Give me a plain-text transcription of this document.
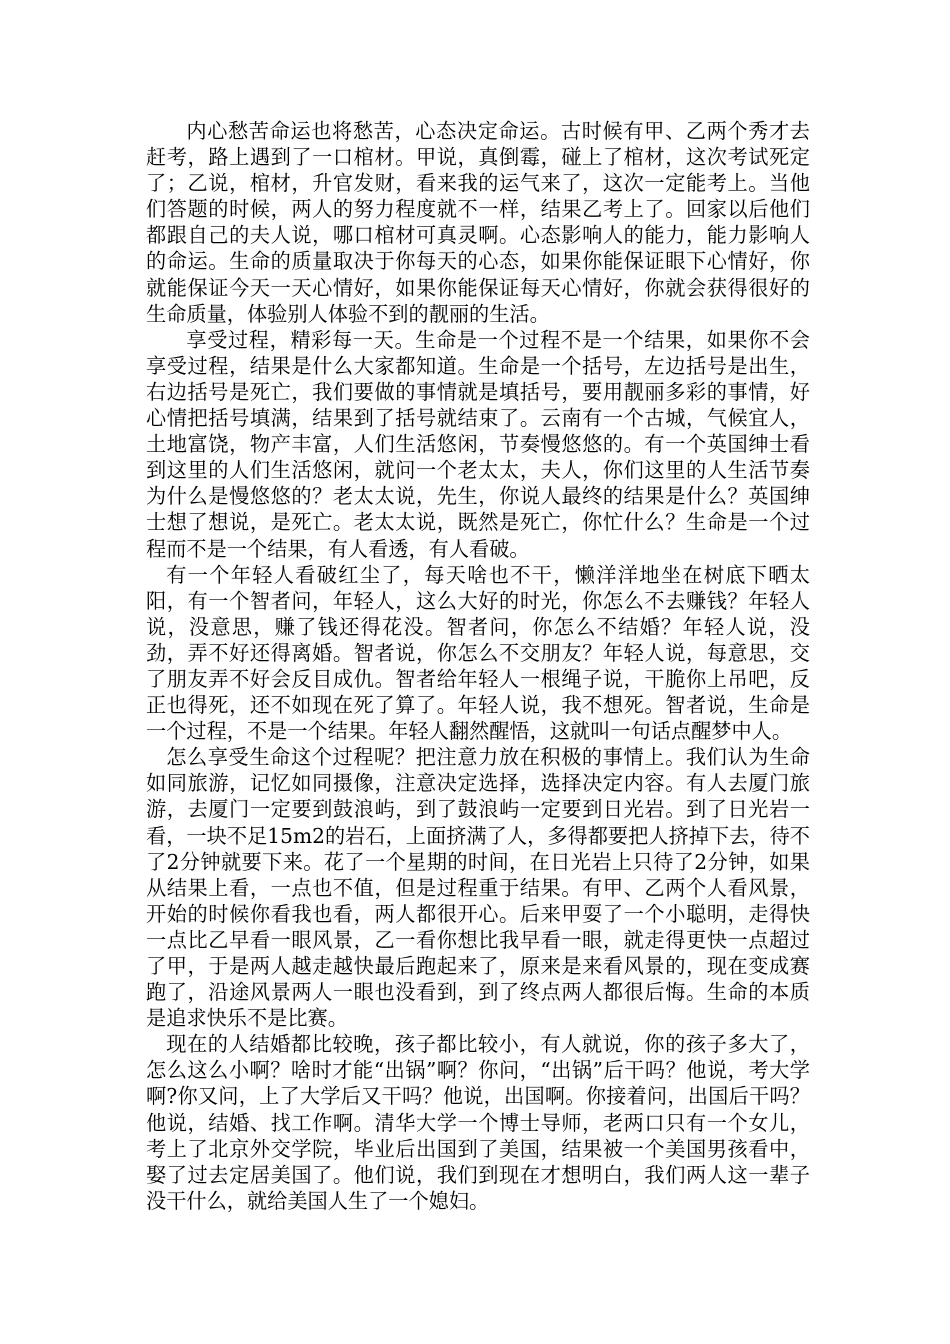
内心愁苦命运也将愁苦，心态决定命运。古时候有甲、乙两个秀才去赶考，路上遇到了一口棺材。甲说，真倒霉，碰上了棺材，这次考试死定了；乙说，棺材，升官发财，看来我的运气来了，这次一定能考上。当他们答题的时候，两人的努力程度就不一样，结果乙考上了。回家以后他们都跟自己的夫人说，哪口棺材可真灵啊。心态影响人的能力，能力影响人的命运。生命的质量取决于你每天的心态，如果你能保证眼下心情好，你就能保证今天一天心情好，如果你能保证每天心情好，你就会获得很好的生命质量，体验别人体验不到的靓丽的生活。

享受过程，精彩每一天。生命是一个过程不是一个结果，如果你不会享受过程，结果是什么大家都知道。生命是一个括号，左边括号是出生，右边括号是死亡，我们要做的事情就是填括号，要用靓丽多彩的事情，好心情把括号填满，结果到了括号就结束了。云南有一个古城，气候宜人，土地富饶，物产丰富，人们生活悠闲，节奏慢悠悠的。有一个英国绅士看到这里的人们生活悠闲，就问一个老太太，夫人，你们这里的人生活节奏为什么是慢悠悠的？老太太说，先生，你说人最终的结果是什么？英国绅士想了想说，是死亡。老太太说，既然是死亡，你忙什么？生命是一个过程而不是一个结果，有人看透，有人看破。

有一个年轻人看破红尘了，每天啥也不干，懒洋洋地坐在树底下晒太阳，有一个智者问，年轻人，这么大好的时光，你怎么不去赚钱？年轻人说，没意思，赚了钱还得花没。智者问，你怎么不结婚？年轻人说，没劲，弄不好还得离婚。智者说，你怎么不交朋友？年轻人说，每意思，交了朋友弄不好会反目成仇。智者给年轻人一根绳子说，干脆你上吊吧，反正也得死，还不如现在死了算了。年轻人说，我不想死。智者说，生命是一个过程，不是一个结果。年轻人翻然醒悟，这就叫一句话点醒梦中人。

怎么享受生命这个过程呢？把注意力放在积极的事情上。我们认为生命如同旅游，记忆如同摄像，注意决定选择，选择决定内容。有人去厦门旅游，去厦门一定要到鼓浪屿，到了鼓浪屿一定要到日光岩。到了日光岩一看，一块不足15m2的岩石，上面挤满了人，多得都要把人挤掉下去，待不了2分钟就要下来。花了一个星期的时间，在日光岩上只待了2分钟，如果从结果上看，一点也不值，但是过程重于结果。有甲、乙两个人看风景，开始的时候你看我也看，两人都很开心。后来甲耍了一个小聪明，走得快一点比乙早看一眼风景，乙一看你想比我早看一眼，就走得更快一点超过了甲，于是两人越走越快最后跑起来了，原来是来看风景的，现在变成赛跑了，沿途风景两人一眼也没看到，到了终点两人都很后悔。生命的本质是追求快乐不是比赛。

现在的人结婚都比较晚，孩子都比较小，有人就说，你的孩子多大了，怎么这么小啊？啥时才能“出锅”啊？你问，“出锅”后干吗？他说，考大学啊?你又问，上了大学后又干吗？他说，出国啊。你接着问，出国后干吗？他说，结婚、找工作啊。清华大学一个博士导师，老两口只有一个女儿，考上了北京外交学院，毕业后出国到了美国，结果被一个美国男孩看中，娶了过去定居美国了。他们说，我们到现在才想明白，我们两人这一辈子没干什么，就给美国人生了一个媳妇。
